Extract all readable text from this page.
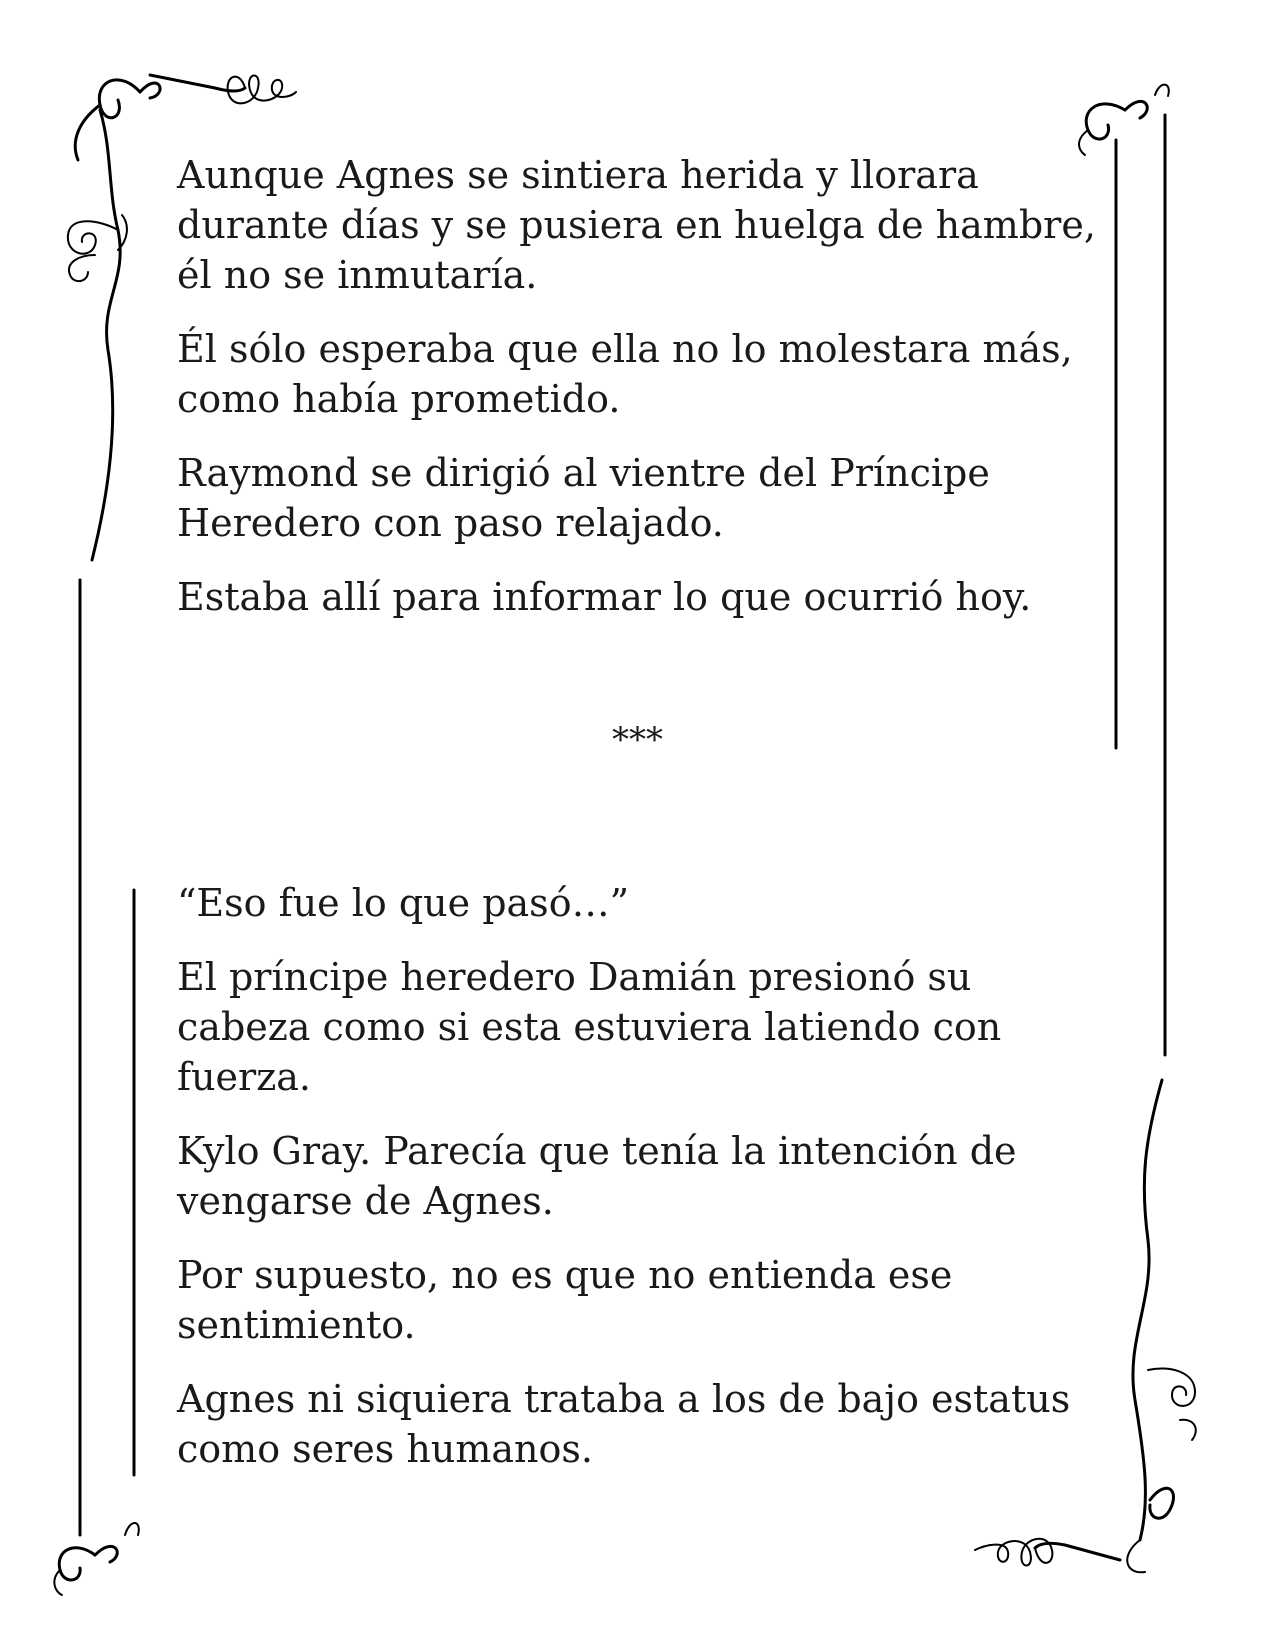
Aunque Agnes se sintiera herida y llorara
durante días y se pusiera en huelga de hambre,
él no se inmutaría.
Él sólo esperaba que ella no lo molestara más,
como había prometido.
Raymond se dirigió al vientre del Príncipe
Heredero con paso relajado.
Estaba allí para informar lo que ocurrió hoy.
***
“Eso fue lo que pasó…”
El príncipe heredero Damián presionó su
cabeza como si esta estuviera latiendo con
fuerza.
Kylo Gray. Parecía que tenía la intención de
vengarse de Agnes.
Por supuesto, no es que no entienda ese
sentimiento.
Agnes ni siquiera trataba a los de bajo estatus
como seres humanos.
